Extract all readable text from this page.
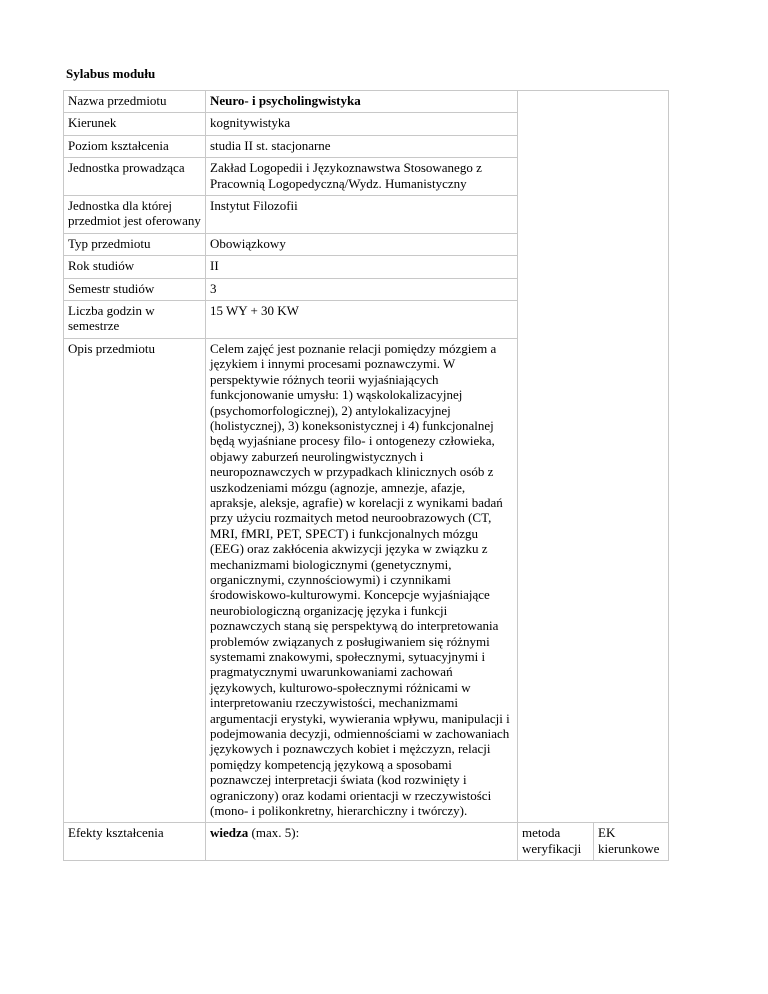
Sylabus modułu
Nazwa przedmiotu	Neuro- i psycholingwistyka		
Kierunek	kognitywistyka		
Poziom kształcenia	studia II st. stacjonarne		
Jednostka prowadząca	Zakład Logopedii i Językoznawstwa Stosowanego z Pracownią Logopedyczną/Wydz. Humanistyczny		
Jednostka dla której przedmiot jest oferowany	Instytut Filozofii		
Typ przedmiotu	Obowiązkowy		
Rok studiów	II		
Semestr studiów	3		
Liczba godzin w semestrze	15 WY + 30 KW		
Opis przedmiotu	Celem zajęć jest poznanie relacji pomiędzy mózgiem a językiem i innymi procesami poznawczymi. W perspektywie różnych teorii wyjaśniających funkcjonowanie umysłu: 1) wąskolokalizacyjnej (psychomorfologicznej), 2) antylokalizacyjnej (holistycznej), 3) koneksonistycznej i 4) funkcjonalnej będą wyjaśniane procesy filo- i ontogenezy człowieka, objawy zaburzeń neurolingwistycznych i neuropoznawczych w przypadkach klinicznych osób z uszkodzeniami mózgu (agnozje, amnezje, afazje, apraksje, aleksje, agrafie) w korelacji z wynikami badań przy użyciu rozmaitych metod neuroobrazowych (CT, MRI, fMRI, PET, SPECT) i funkcjonalnych mózgu (EEG) oraz zakłócenia akwizycji języka w związku z mechanizmami biologicznymi (genetycznymi, organicznymi, czynnościowymi) i czynnikami środowiskowo-kulturowymi. Koncepcje wyjaśniające neurobiologiczną organizację języka i funkcji poznawczych staną się perspektywą do interpretowania problemów związanych z posługiwaniem się różnymi systemami znakowymi, społecznymi, sytuacyjnymi i pragmatycznymi uwarunkowaniami zachowań językowych, kulturowo-społecznymi różnicami w interpretowaniu rzeczywistości, mechanizmami argumentacji erystyki, wywierania wpływu, manipulacji i podejmowania decyzji, odmiennościami w zachowaniach językowych i poznawczych kobiet i mężczyzn, relacji pomiędzy kompetencją językową a sposobami poznawczej interpretacji świata (kod rozwinięty i ograniczony) oraz kodami orientacji w rzeczywistości (mono- i polikonkretny, hierarchiczny i twórczy).		
Efekty kształcenia	wiedza (max. 5):	metoda weryfikacji	EK kierunkowe
